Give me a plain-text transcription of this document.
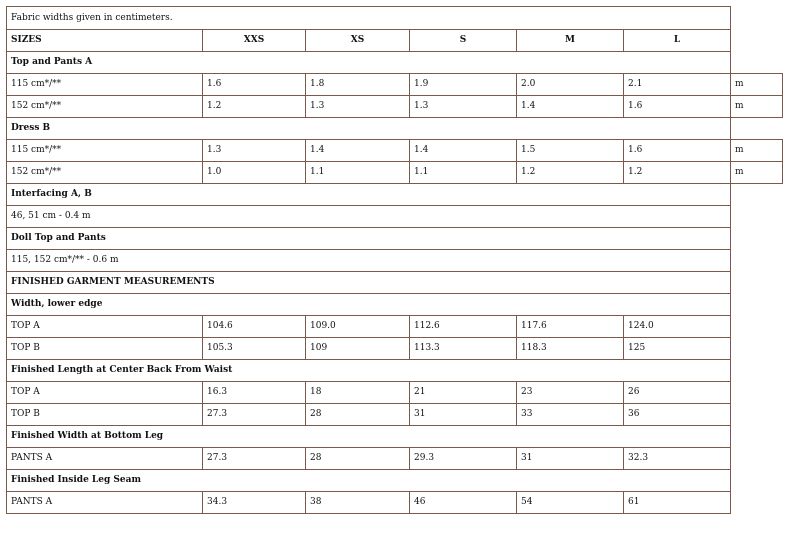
Fabric widths given in centimeters.
SIZES	XXS	XS	S	M	L
Top and Pants A
115 cm*/**	1.6	1.8	1.9	2.0	2.1	m
152 cm*/**	1.2	1.3	1.3	1.4	1.6	m
Dress B
115 cm*/**	1.3	1.4	1.4	1.5	1.6	m
152 cm*/**	1.0	1.1	1.1	1.2	1.2	m
Interfacing A, B
46, 51 cm - 0.4 m
Doll Top and Pants
115, 152 cm*/** - 0.6 m
FINISHED GARMENT MEASUREMENTS
Width, lower edge
TOP A	104.6	109.0	112.6	117.6	124.0
TOP B	105.3	109	113.3	118.3	125
Finished Length at Center Back From Waist
TOP A	16.3	18	21	23	26
TOP B	27.3	28	31	33	36
Finished Width at Bottom Leg
PANTS A	27.3	28	29.3	31	32.3
Finished Inside Leg Seam
PANTS A	34.3	38	46	54	61
